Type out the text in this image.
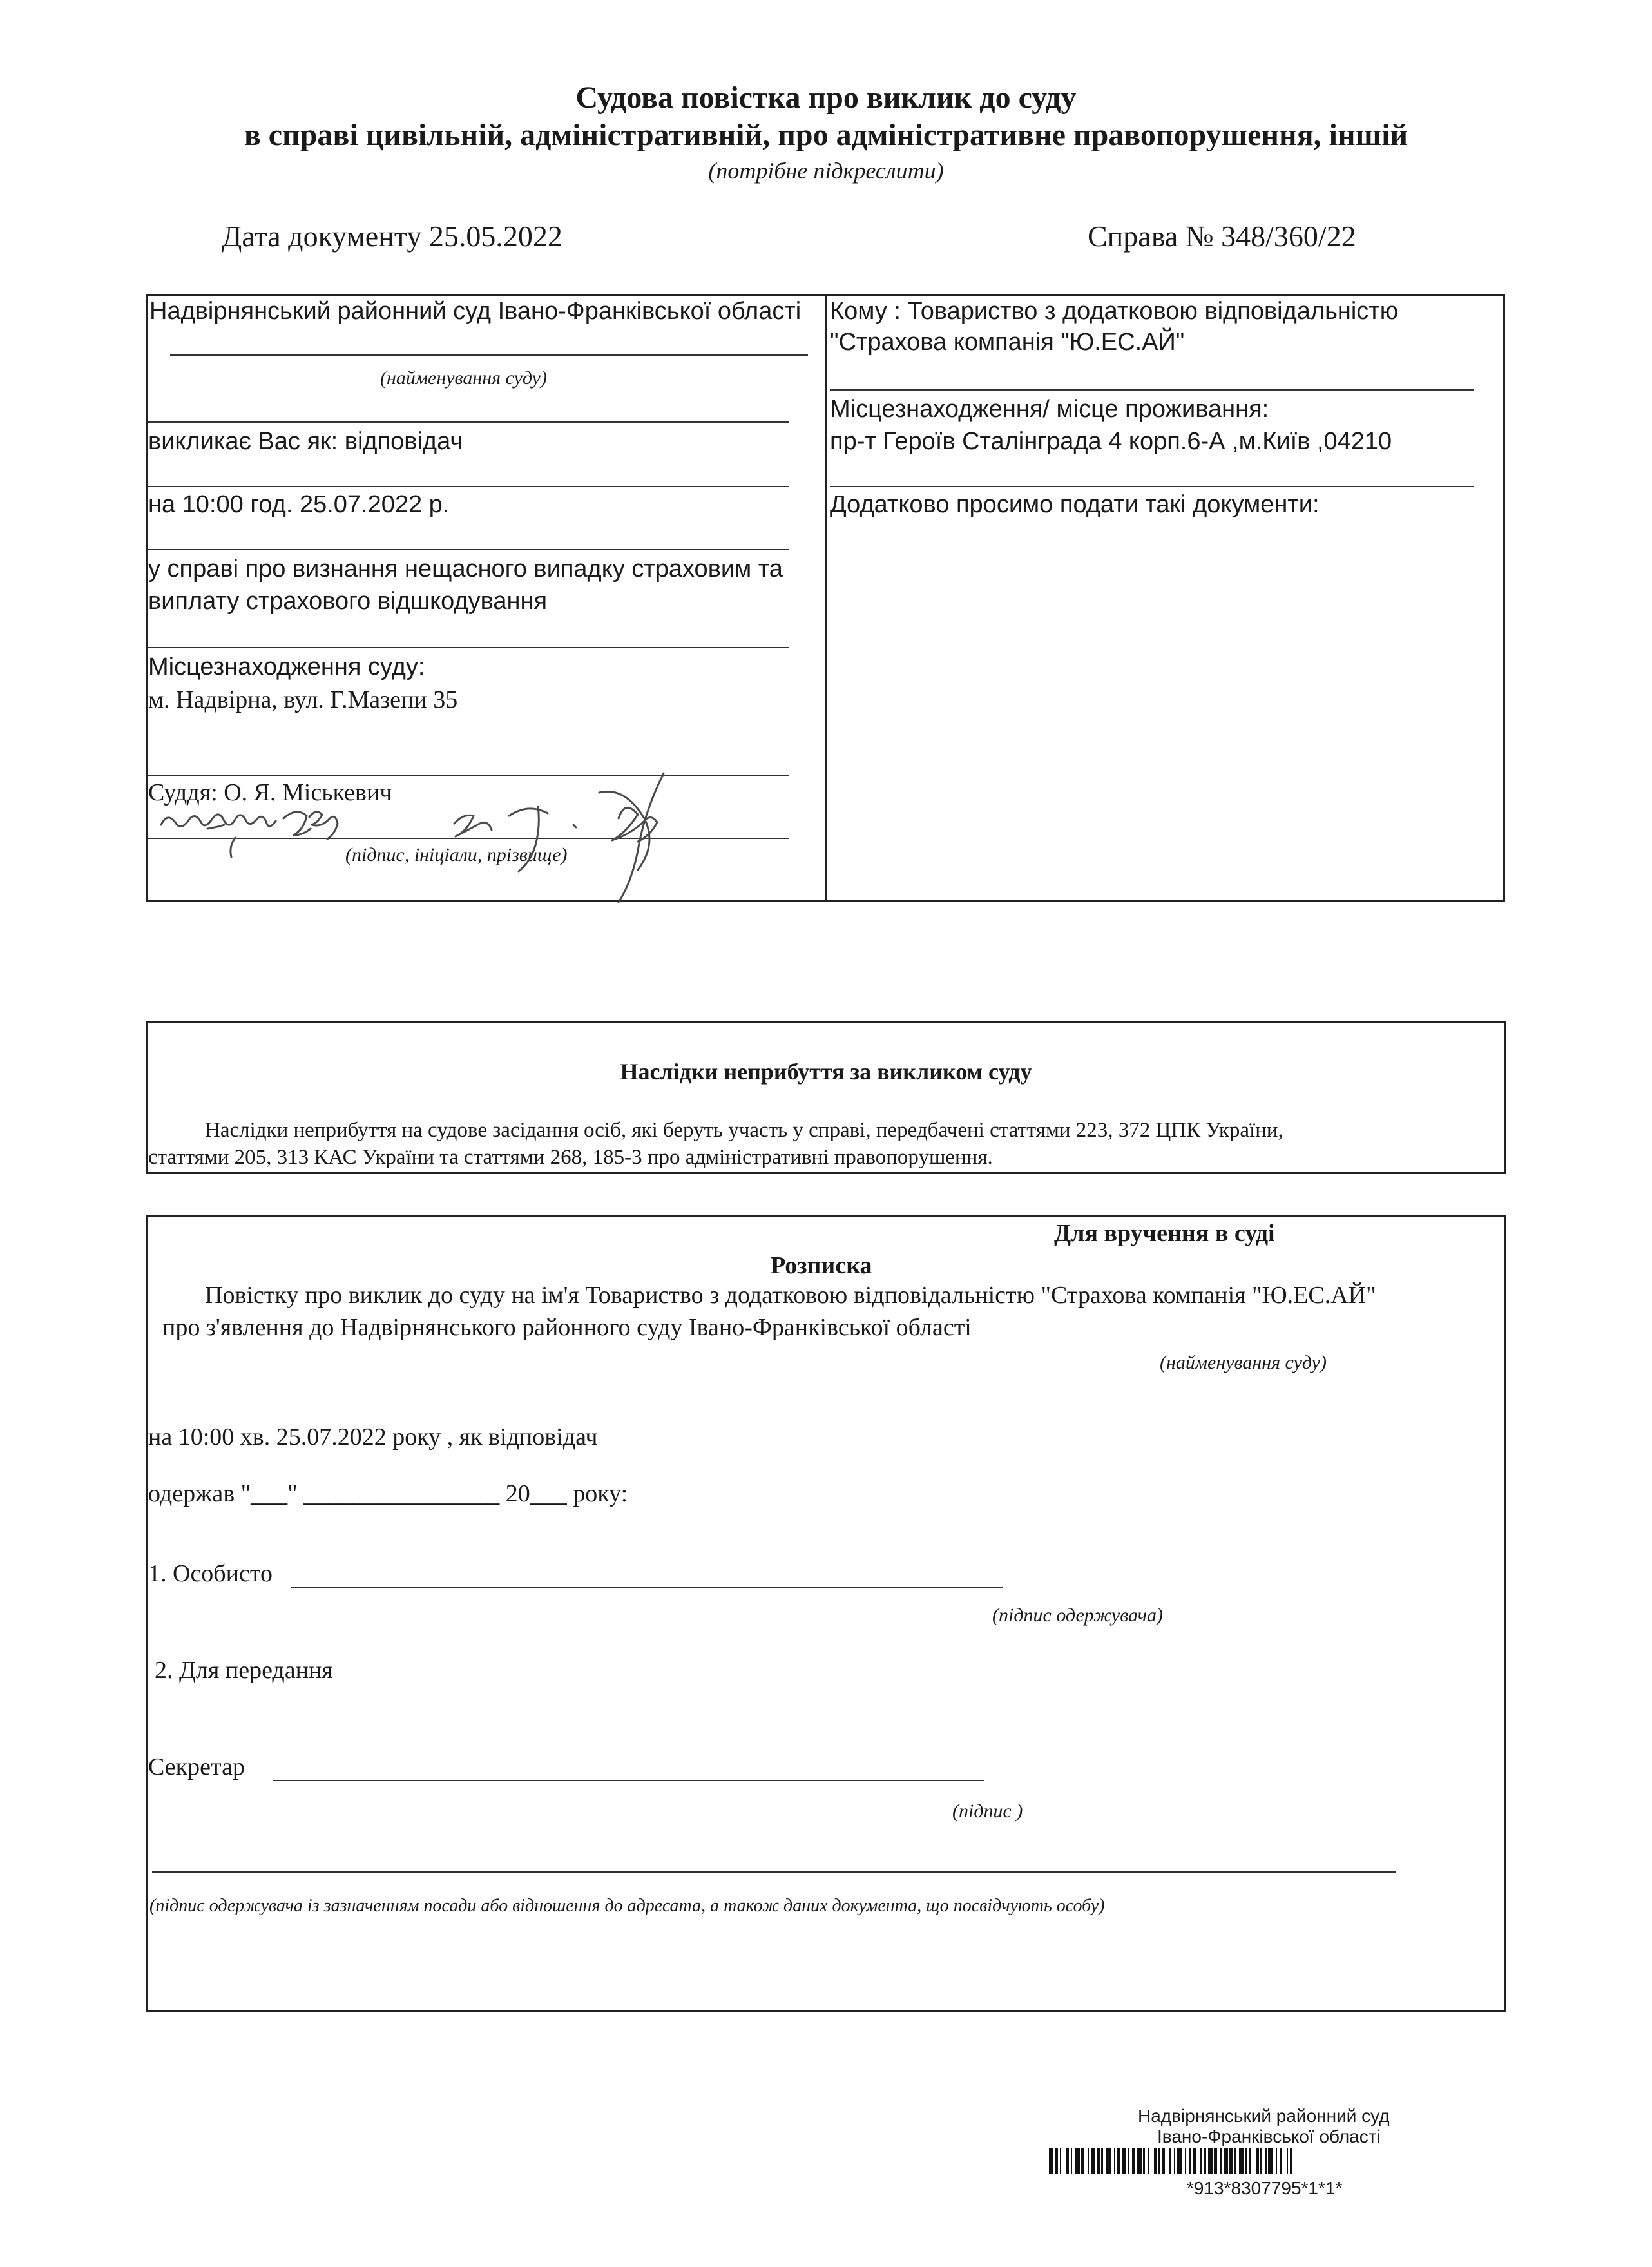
Судова повістка про виклик до суду
в справі цивільній, адміністративній, про адміністративне правопорушення, іншій
(потрібне підкреслити)
Дата документу 25.05.2022	Справа № 348/360/22
Надвірнянський районний суд Івано-Франківської області
(найменування суду)
викликає Вас як: відповідач
на 10:00 год. 25.07.2022 р.
у справі про визнання нещасного випадку страховим та
виплату страхового відшкодування
Місцезнаходження суду:
м. Надвірна, вул. Г.Мазепи 35
Суддя: О. Я. Міськевич
(підпис, ініціали, прізвище)
Кому : Товариство з додатковою відповідальністю
"Страхова компанія "Ю.ЕС.АЙ"
Місцезнаходження/ місце проживання:
пр-т Героїв Сталінграда 4 корп.6-А ,м.Київ ,04210
Додатково просимо подати такі документи:
Наслідки неприбуття за викликом суду
Наслідки неприбуття на судове засідання осіб, які беруть участь у справі, передбачені статтями 223, 372 ЦПК України,
статтями 205, 313 КАС України та статтями 268, 185-3 про адміністративні правопорушення.
Для вручення в суді
Розписка
Повістку про виклик до суду на ім'я Товариство з додатковою відповідальністю "Страхова компанія "Ю.ЕС.АЙ"
про з'явлення до Надвірнянського районного суду Івано-Франківської області
(найменування суду)
на 10:00 хв. 25.07.2022 року , як відповідач
одержав "___" ________________ 20___ року:
1. Особисто
(підпис одержувача)
2. Для передання
Секретар
(підпис )
(підпис одержувача із зазначенням посади або відношення до адресата, а також даних документа, що посвідчують особу)
Надвірнянський районний суд
Івано-Франківської області
*913*8307795*1*1*
